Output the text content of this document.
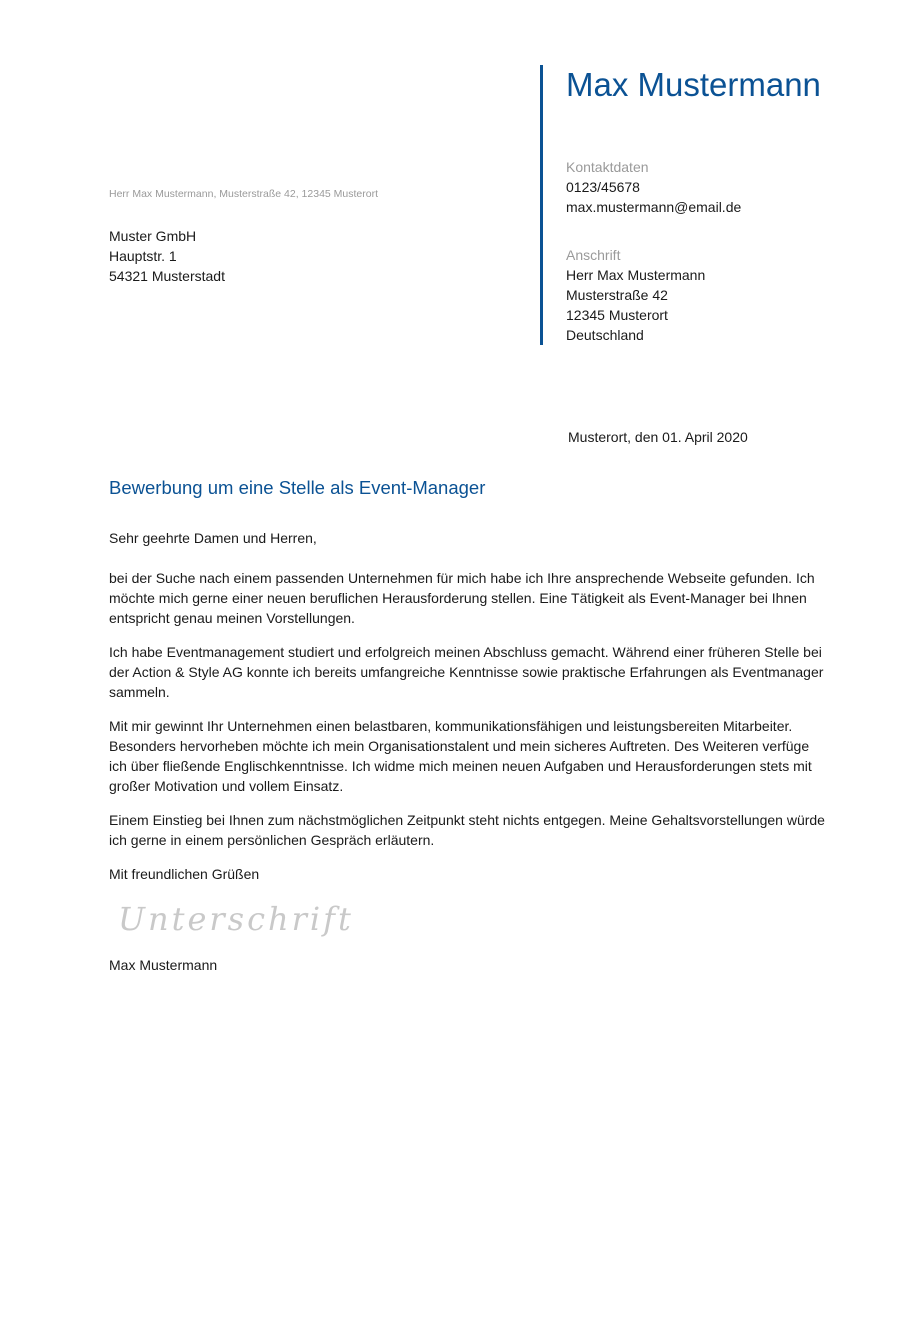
Max Mustermann
Kontaktdaten
0123/45678
max.mustermann@email.de
Anschrift
Herr Max Mustermann
Musterstraße 42
12345 Musterort
Deutschland
Herr Max Mustermann, Musterstraße 42, 12345 Musterort
Muster GmbH
Hauptstr. 1
54321 Musterstadt
Musterort, den 01. April 2020
Bewerbung um eine Stelle als Event-Manager
Sehr geehrte Damen und Herren,
bei der Suche nach einem passenden Unternehmen für mich habe ich Ihre ansprechende Webseite gefunden. Ich möchte mich gerne einer neuen beruflichen Herausforderung stellen. Eine Tätigkeit als Event-Manager bei Ihnen entspricht genau meinen Vorstellungen.
Ich habe Eventmanagement studiert und erfolgreich meinen Abschluss gemacht. Während einer früheren Stelle bei der Action & Style AG konnte ich bereits umfangreiche Kenntnisse sowie praktische Erfahrungen als Eventmanager sammeln.
Mit mir gewinnt Ihr Unternehmen einen belastbaren, kommunikationsfähigen und leistungsbereiten Mitarbeiter. Besonders hervorheben möchte ich mein Organisationstalent und mein sicheres Auftreten. Des Weiteren verfüge ich über fließende Englischkenntnisse. Ich widme mich meinen neuen Aufgaben und Herausforderungen stets mit großer Motivation und vollem Einsatz.
Einem Einstieg bei Ihnen zum nächstmöglichen Zeitpunkt steht nichts entgegen. Meine Gehaltsvorstellungen würde ich gerne in einem persönlichen Gespräch erläutern.
Mit freundlichen Grüßen
Unterschrift
Max Mustermann
